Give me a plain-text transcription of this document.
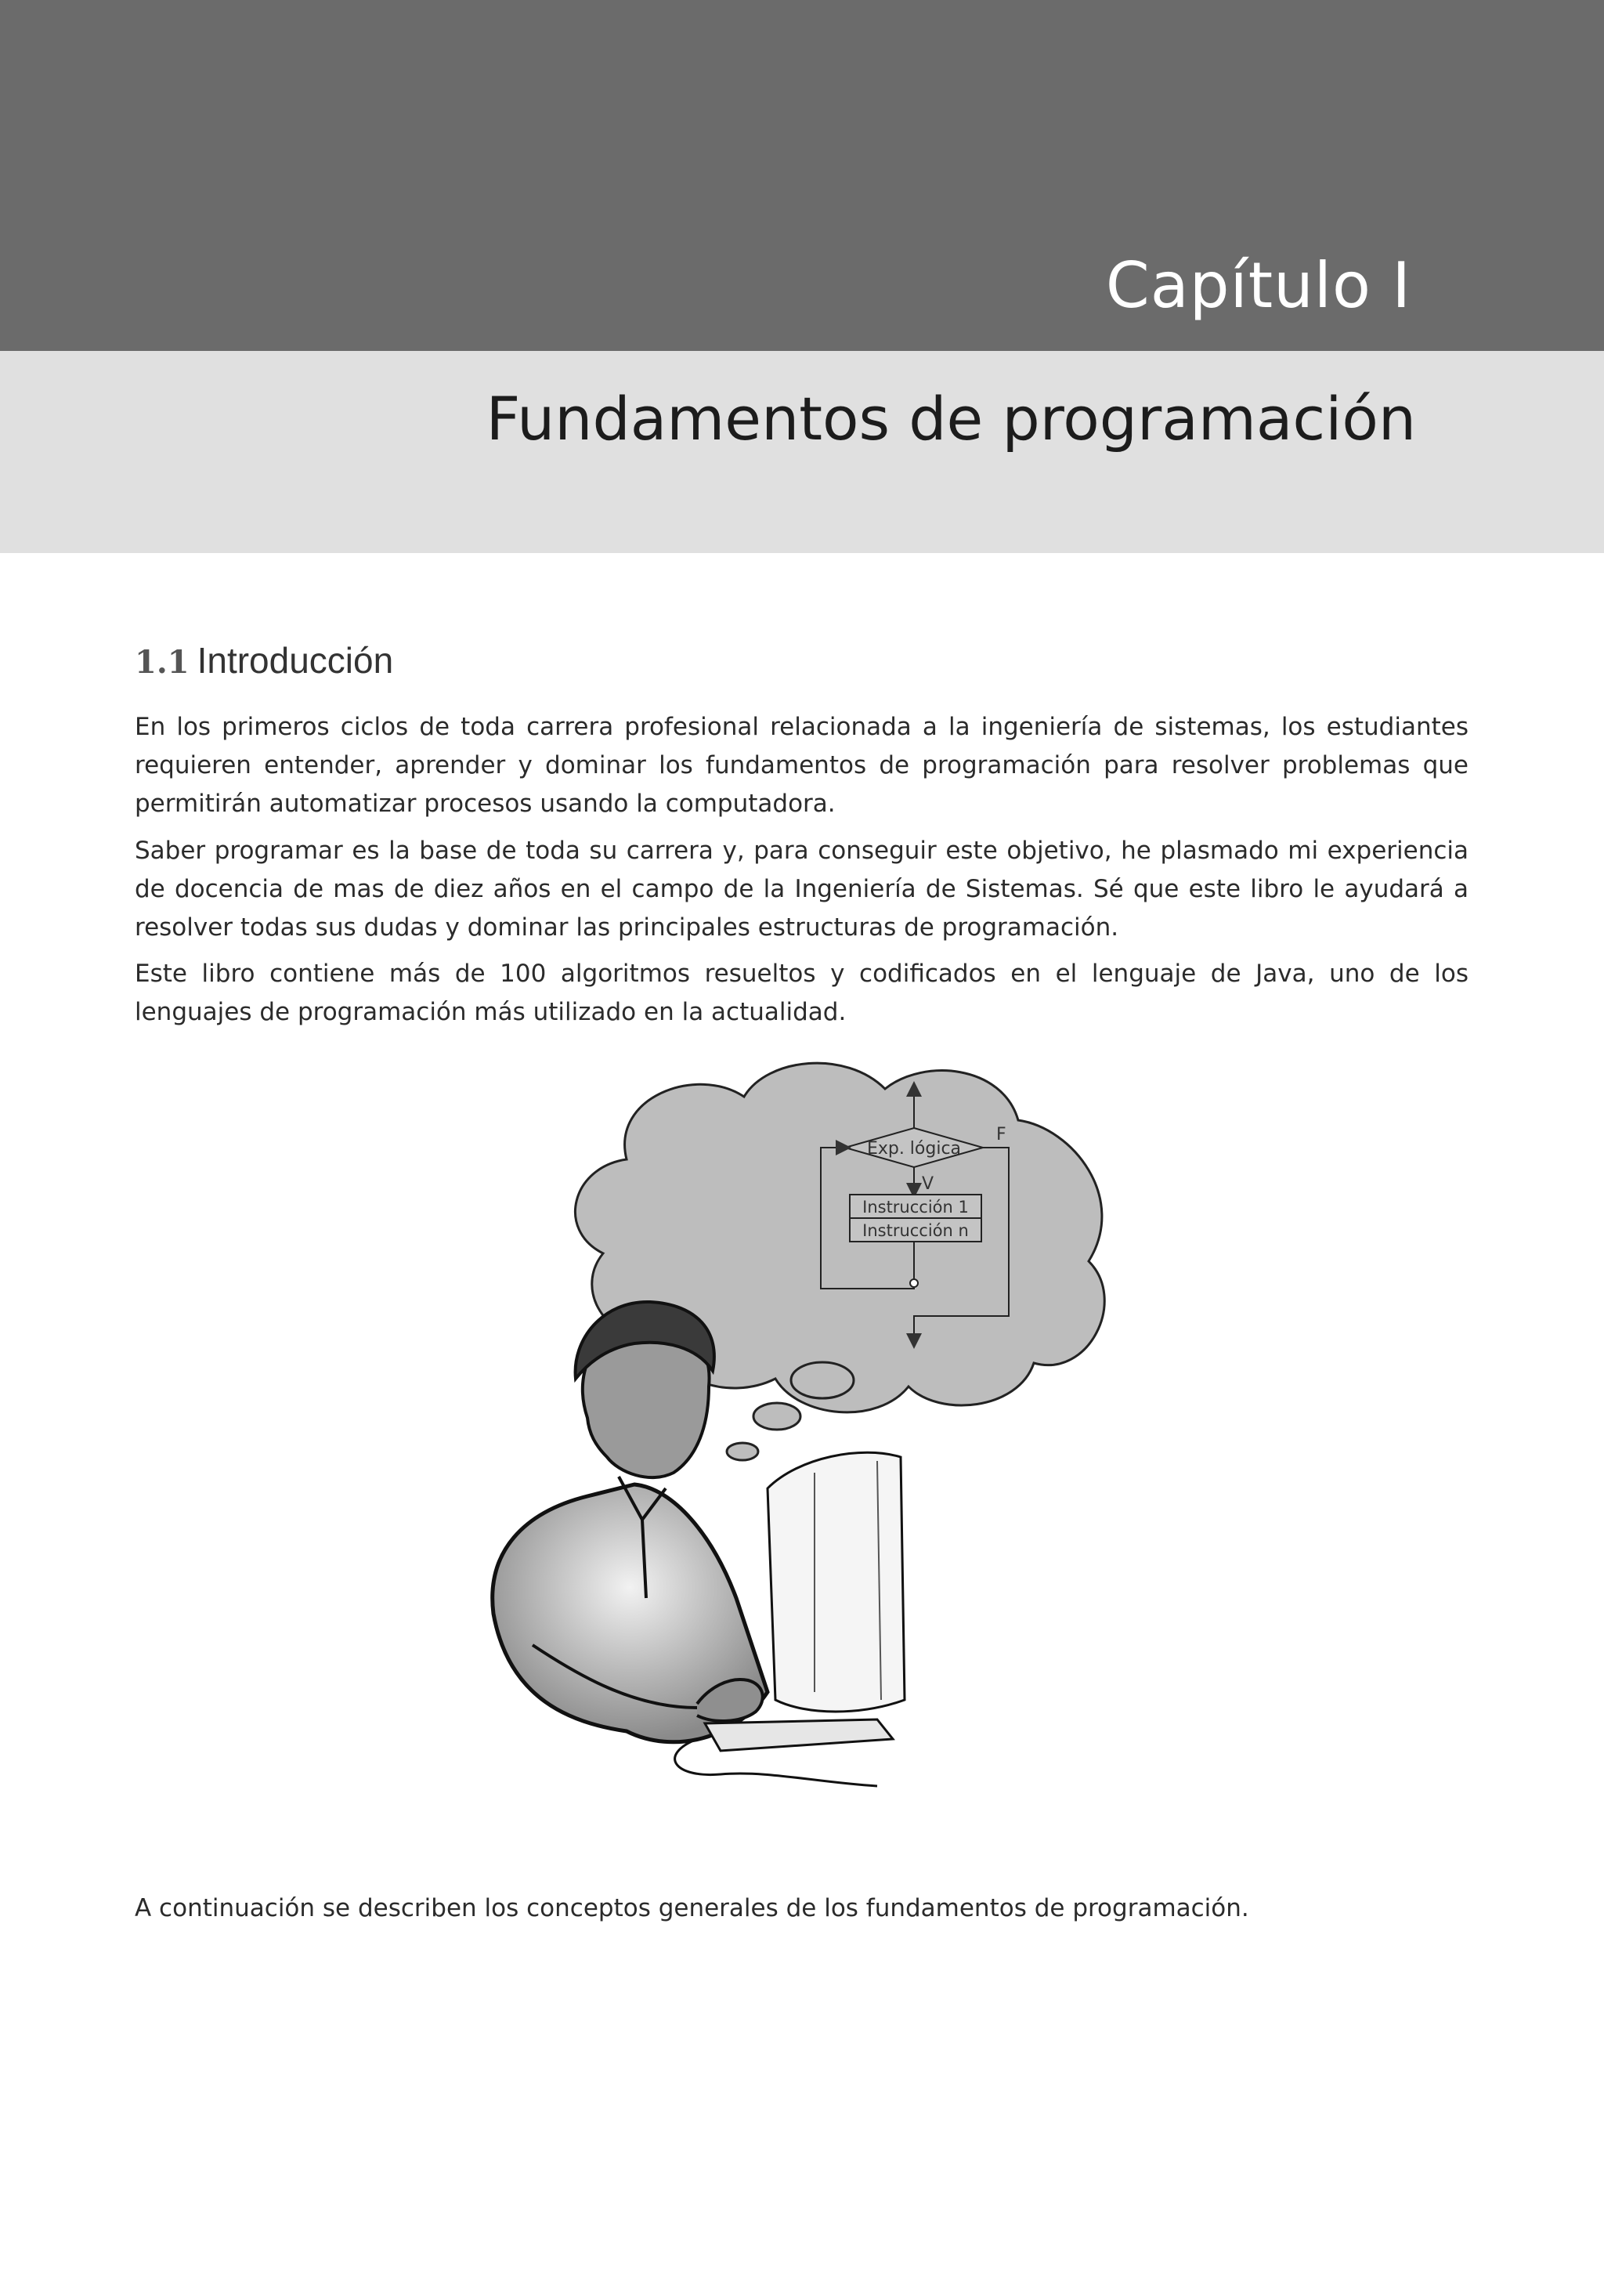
Capítulo I
Fundamentos de programación
1.1 Introducción

En los primeros ciclos de toda carrera profesional relacionada a la ingeniería de sistemas, los estudiantes requieren entender, aprender y dominar los fundamentos de programación para resolver problemas que permitirán automatizar procesos usando la computadora.

Saber programar es la base de toda su carrera y, para conseguir este objetivo, he plasmado mi experiencia de docencia de mas de diez años en el campo de la Ingeniería de Sistemas. Sé que este libro le ayudará a resolver todas sus dudas y dominar las principales estructuras de programación.

Este libro contiene más de 100 algoritmos resueltos y codificados en el lenguaje de Java, uno de los lenguajes de programación más utilizado en la actualidad.

Exp. lógica
F
V
Instrucción 1
Instrucción n

A continuación se describen los conceptos generales de los fundamentos de programación.
